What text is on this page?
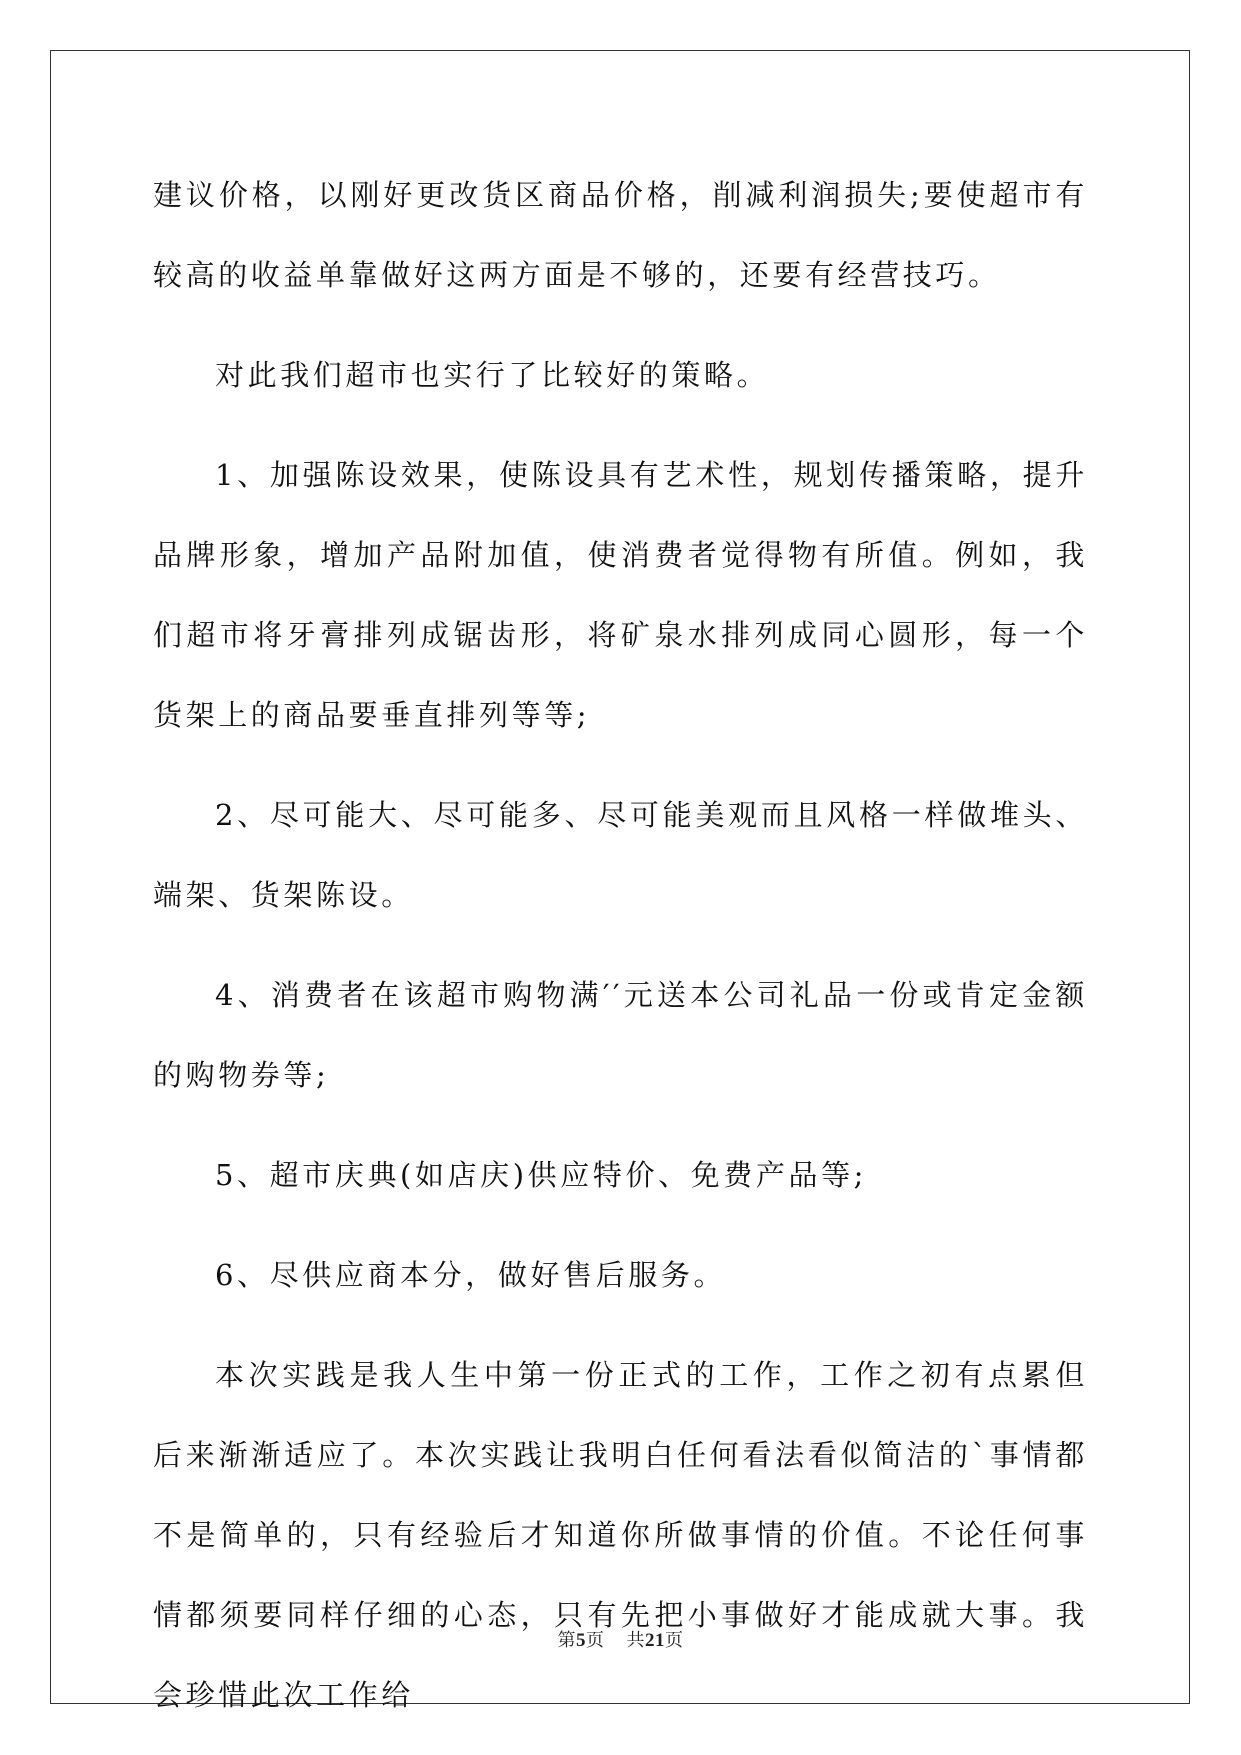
建议价格，以刚好更改货区商品价格，削减利润损失;要使超市有较高的收益单靠做好这两方面是不够的，还要有经营技巧。

对此我们超市也实行了比较好的策略。

1、加强陈设效果，使陈设具有艺术性，规划传播策略，提升品牌形象，增加产品附加值，使消费者觉得物有所值。例如，我们超市将牙膏排列成锯齿形，将矿泉水排列成同心圆形，每一个货架上的商品要垂直排列等等;

2、尽可能大、尽可能多、尽可能美观而且风格一样做堆头、端架、货架陈设。

4、消费者在该超市购物满′′元送本公司礼品一份或肯定金额的购物券等;

5、超市庆典(如店庆)供应特价、免费产品等;

6、尽供应商本分，做好售后服务。

本次实践是我人生中第一份正式的工作，工作之初有点累但后来渐渐适应了。本次实践让我明白任何看法看似简洁的`事情都不是简单的，只有经验后才知道你所做事情的价值。不论任何事情都须要同样仔细的心态，只有先把小事做好才能成就大事。我会珍惜此次工作给

第5页 共21页
